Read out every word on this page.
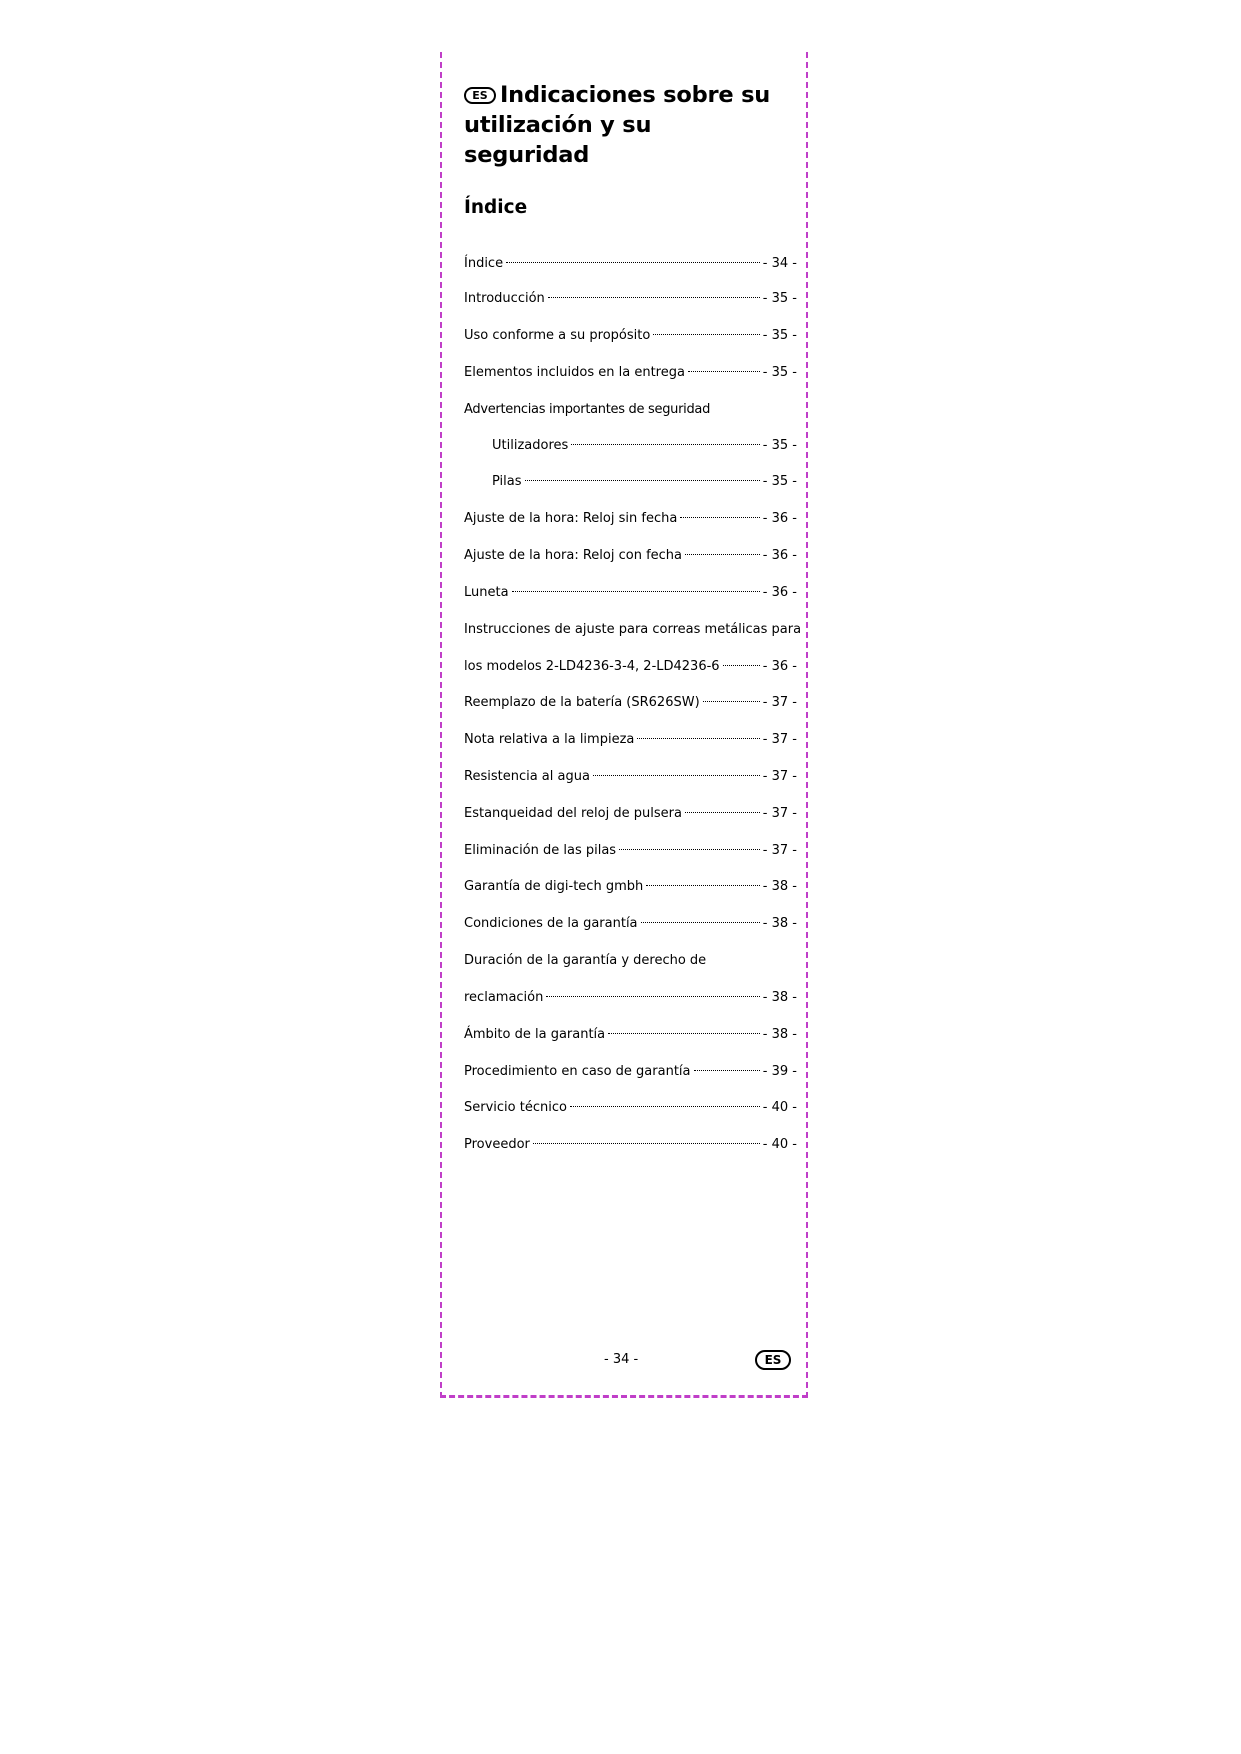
ES Indicaciones sobre su utilización y su seguridad
Índice
Índice	- 34 -
Introducción	- 35 -
Uso conforme a su propósito	- 35 -
Elementos incluidos en la entrega	- 35 -
Advertencias importantes de seguridad
Utilizadores	- 35 -
Pilas	- 35 -
Ajuste de la hora: Reloj sin fecha	- 36 -
Ajuste de la hora: Reloj con fecha	- 36 -
Luneta	- 36 -
Instrucciones de ajuste para correas metálicas para
los modelos 2-LD4236-3-4, 2-LD4236-6	- 36 -
Reemplazo de la batería (SR626SW)	- 37 -
Nota relativa a la limpieza	- 37 -
Resistencia al agua	- 37 -
Estanqueidad del reloj de pulsera	- 37 -
Eliminación de las pilas	- 37 -
Garantía de digi-tech gmbh	- 38 -
Condiciones de la garantía	- 38 -
Duración de la garantía y derecho de
reclamación	- 38 -
Ámbito de la garantía	- 38 -
Procedimiento en caso de garantía	- 39 -
Servicio técnico	- 40 -
Proveedor	- 40 -
- 34 -	ES
